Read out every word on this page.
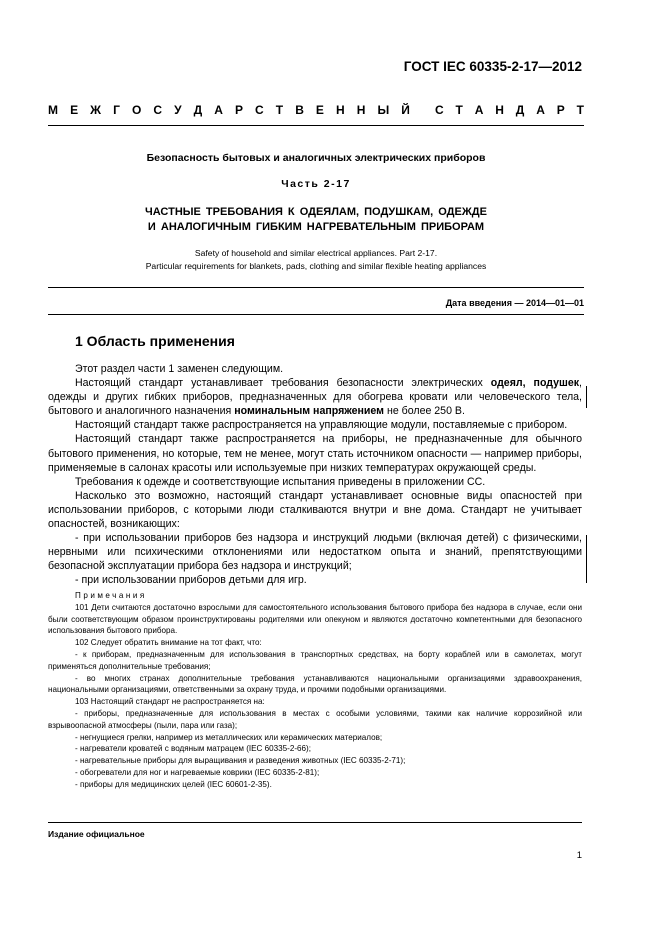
ГОСТ IEC 60335-2-17—2012
М Е Ж Г О С У Д А Р С Т В Е Н Н Ы Й С Т А Н Д А Р Т
Безопасность бытовых и аналогичных электрических приборов
Часть 2-17
ЧАСТНЫЕ ТРЕБОВАНИЯ К ОДЕЯЛАМ, ПОДУШКАМ, ОДЕЖДЕ
И АНАЛОГИЧНЫМ ГИБКИМ НАГРЕВАТЕЛЬНЫМ ПРИБОРАМ
Safety of household and similar electrical appliances. Part 2-17.
Particular requirements for blankets, pads, clothing and similar flexible heating appliances
Дата введения — 2014—01—01
1 Область применения

Этот раздел части 1 заменен следующим.

Настоящий стандарт устанавливает требования безопасности электрических одеял, подушек, одежды и других гибких приборов, предназначенных для обогрева кровати или человеческого тела, бытового и аналогичного назначения номинальным напряжением не более 250 В.

Настоящий стандарт также распространяется на управляющие модули, поставляемые с прибором.

Настоящий стандарт также распространяется на приборы, не предназначенные для обычного бытового применения, но которые, тем не менее, могут стать источником опасности — например приборы, применяемые в салонах красоты или используемые при низких температурах окружающей среды.

Требования к одежде и соответствующие испытания приведены в приложении СС.

Насколько это возможно, настоящий стандарт устанавливает основные виды опасностей при использовании приборов, с которыми люди сталкиваются внутри и вне дома. Стандарт не учитывает опасностей, возникающих:

- при использовании приборов без надзора и инструкций людьми (включая детей) с физическими, нервными или психическими отклонениями или недостатком опыта и знаний, препятствующими безопасной эксплуатации прибора без надзора и инструкций;

- при использовании приборов детьми для игр.

Примечания

101 Дети считаются достаточно взрослыми для самостоятельного использования бытового прибора без надзора в случае, если они были соответствующим образом проинструктированы родителями или опекуном и являются достаточно компетентными для безопасного использования бытового прибора.

102 Следует обратить внимание на тот факт, что:

- к приборам, предназначенным для использования в транспортных средствах, на борту кораблей или в самолетах, могут применяться дополнительные требования;

- во многих странах дополнительные требования устанавливаются национальными организациями здравоохранения, национальными организациями, ответственными за охрану труда, и прочими подобными организациями.

103 Настоящий стандарт не распространяется на:

- приборы, предназначенные для использования в местах с особыми условиями, такими как наличие коррозийной или взрывоопасной атмосферы (пыли, пара или газа);

- негнущиеся грелки, например из металлических или керамических материалов;

- нагреватели кроватей с водяным матрацем (IEC 60335-2-66);

- нагревательные приборы для выращивания и разведения животных (IEC 60335-2-71);

- обогреватели для ног и нагреваемые коврики (IEC 60335-2-81);

- приборы для медицинских целей (IEC 60601-2-35).

Издание официальное
1
